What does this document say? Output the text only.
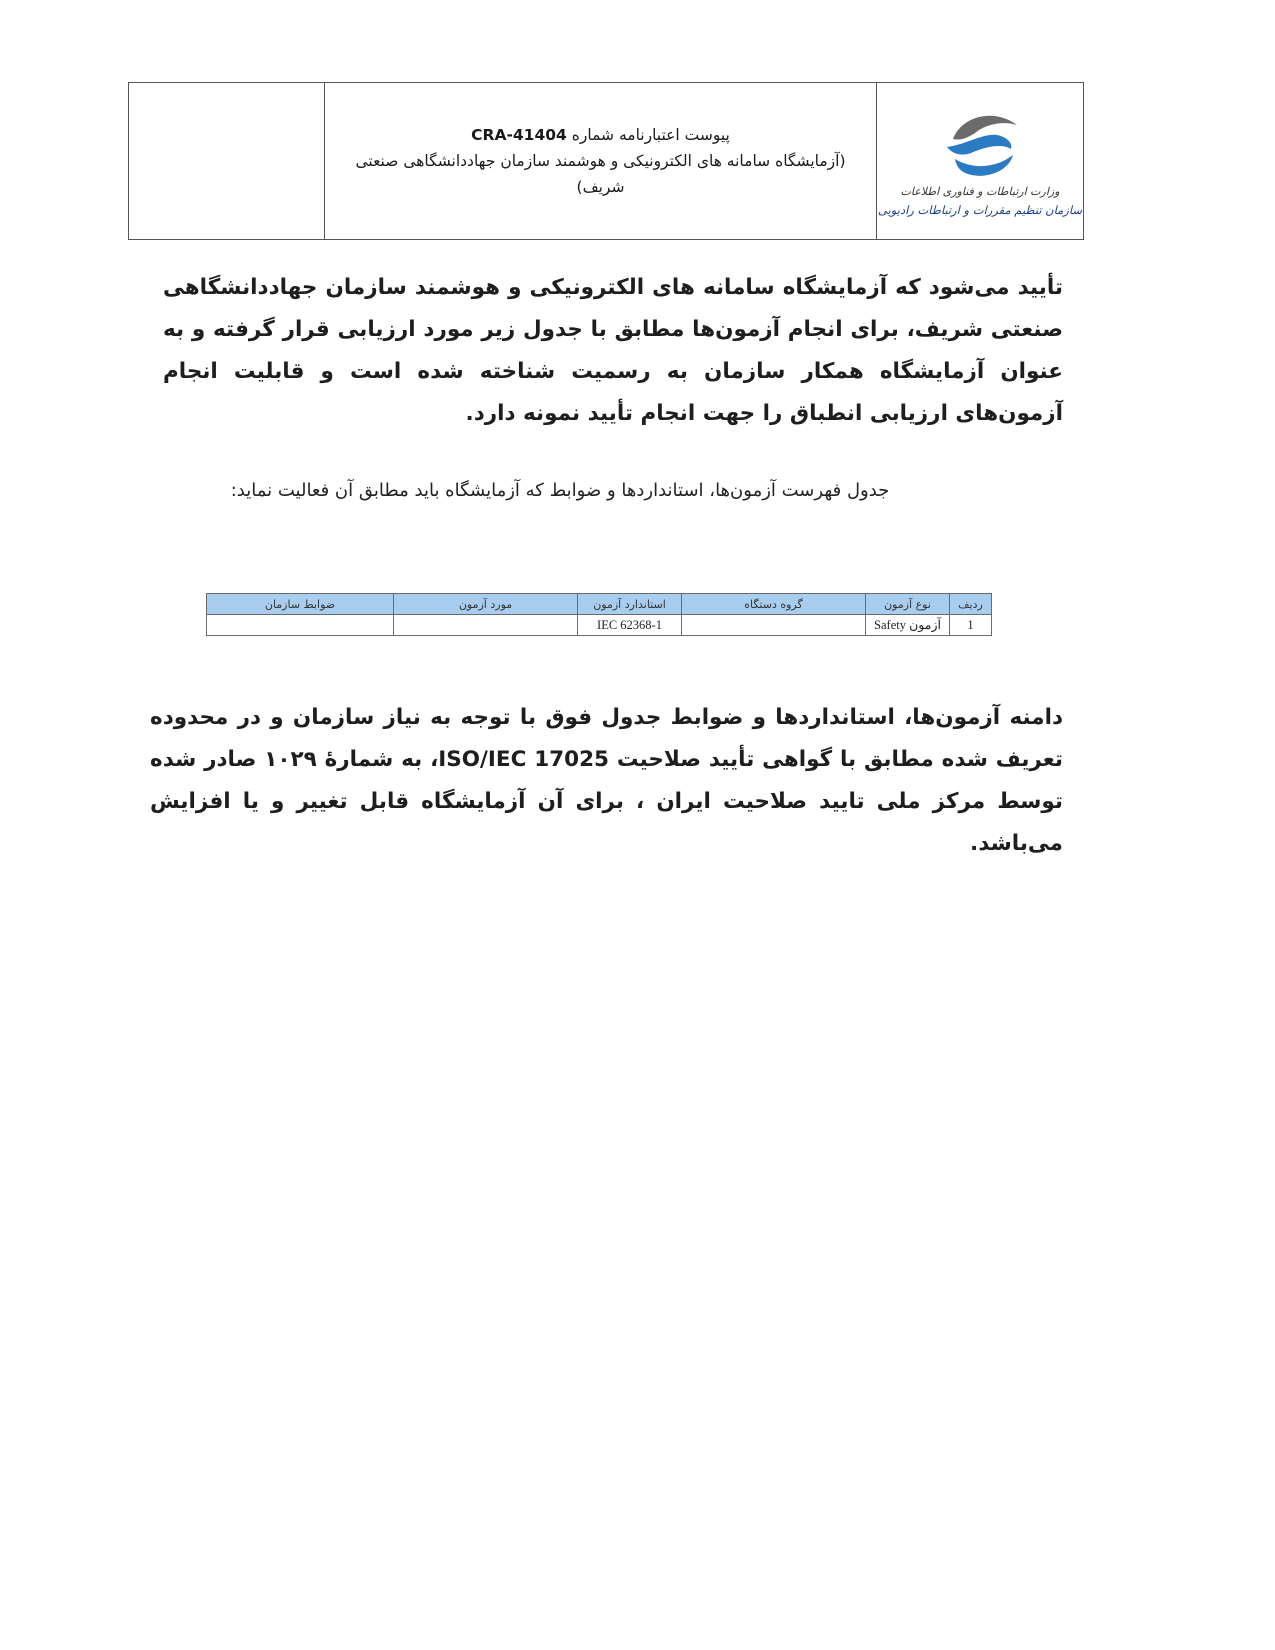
پیوست اعتبارنامه شماره CRA-41404
(آزمایشگاه سامانه های الکترونیکی و هوشمند سازمان جهاددانشگاهی صنعتی شریف)	وزارت ارتباطات و فناوری اطلاعات
سازمان تنظیم مقررات و ارتباطات رادیویی
تأیید می‌شود که آزمایشگاه سامانه های الکترونیکی و هوشمند سازمان جهاددانشگاهی صنعتی شریف، برای انجام آزمون‌ها مطابق با جدول زیر مورد ارزیابی قرار گرفته و به عنوان آزمایشگاه همکار سازمان به رسمیت شناخته شده است و قابلیت انجام آزمون‌های ارزیابی انطباق را جهت انجام تأیید نمونه دارد.
جدول فهرست آزمون‌ها، استانداردها و ضوابط که آزمایشگاه باید مطابق آن فعالیت نماید:
ردیف	نوع آزمون	گروه دستگاه	استاندارد آزمون	مورد آزمون	ضوابط سازمان
1	آزمون Safety		IEC 62368-1		
دامنه آزمون‌ها، استانداردها و ضوابط جدول فوق با توجه به نیاز سازمان و در محدوده تعریف شده مطابق با گواهی تأیید صلاحیت ISO/IEC 17025، به شمارهٔ ۱۰۲۹ صادر شده توسط مرکز ملی تایید صلاحیت ایران ، برای آن آزمایشگاه قابل تغییر و یا افزایش می‌باشد.
